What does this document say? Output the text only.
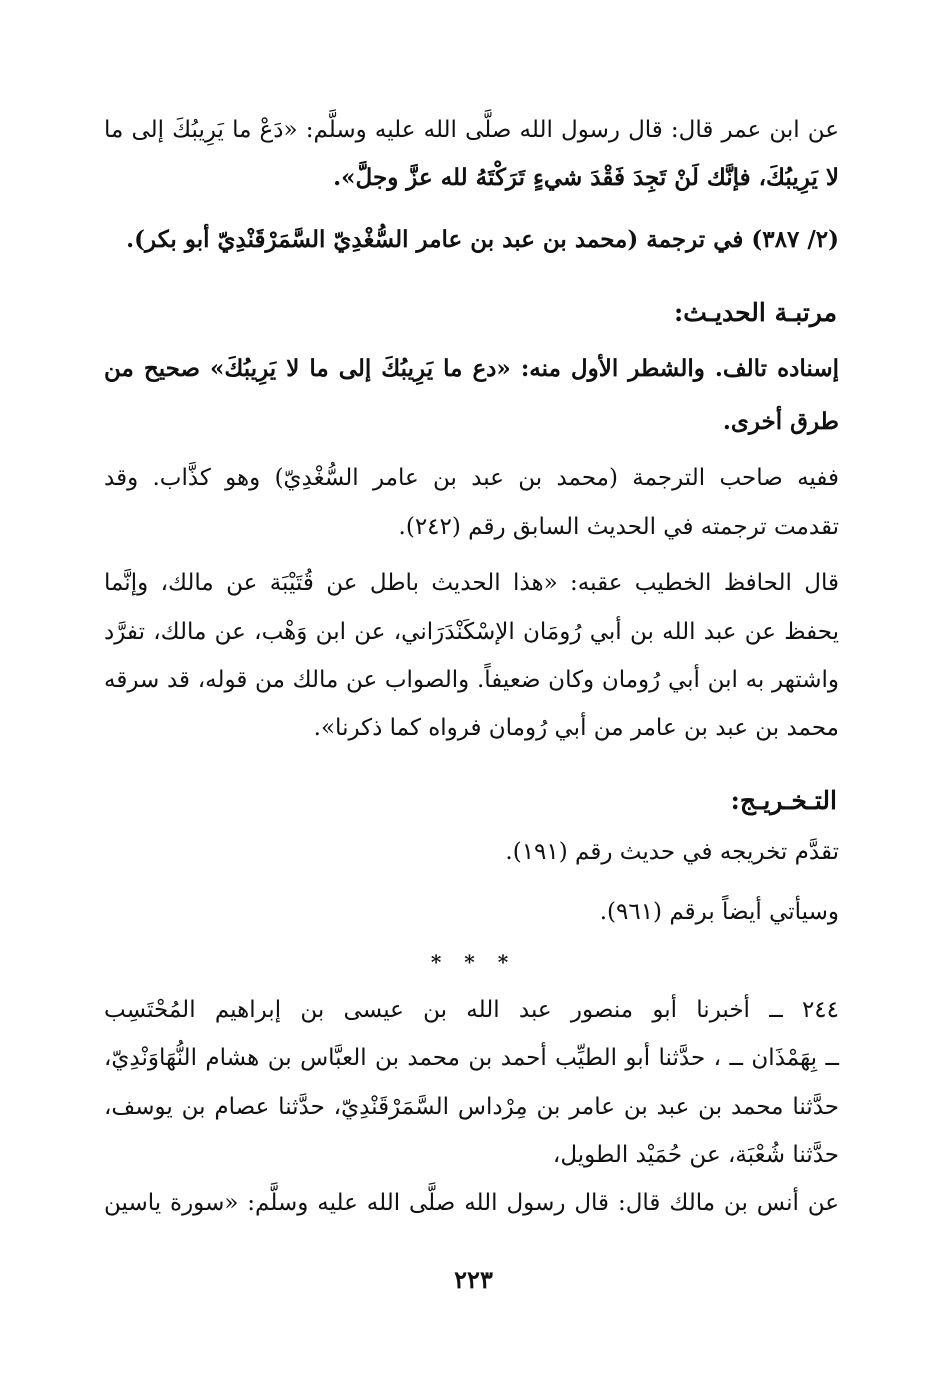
عن ابن عمر قال: قال رسول الله صلَّى الله عليه وسلَّم: «دَعْ ما يَرِيبُكَ إلى ما
لا يَرِيبُكَ، فإنَّك لَنْ تَجِدَ فَقْدَ شيءٍ تَرَكْتَهُ لله عزَّ وجلَّ».
(٢/ ٣٨٧) في ترجمة (محمد بن عبد بن عامر السُّغْدِيّ السَّمَرْقَنْدِيّ أبو بكر).
مرتبـة الحديـث:
إسناده تالف. والشطر الأول منه: «دع ما يَرِيبُكَ إلى ما لا يَرِيبُكَ» صحيح من
طرق أخرى.
ففيه صاحب الترجمة (محمد بن عبد بن عامر السُّغْدِيّ) وهو كذَّاب. وقد
تقدمت ترجمته في الحديث السابق رقم (٢٤٢).
قال الحافظ الخطيب عقبه: «هذا الحديث باطل عن قُتَيْبَة عن مالك، وإنَّما
يحفظ عن عبد الله بن أبي رُومَان الإسْكَنْدَرَاني، عن ابن وَهْب، عن مالك، تفرَّد
واشتهر به ابن أبي رُومان وكان ضعيفاً. والصواب عن مالك من قوله، قد سرقه
محمد بن عبد بن عامر من أبي رُومان فرواه كما ذكرنا».
التـخـريـج:
تقدَّم تخريجه في حديث رقم (١٩١).
وسيأتي أيضاً برقم (٩٦١).
* * *
٢٤٤ ــ أخبرنا أبو منصور عبد الله بن عيسى بن إبراهيم المُحْتَسِب
ــ بِهَمْذَان ــ ، حدَّثنا أبو الطيِّب أحمد بن محمد بن العبَّاس بن هشام النُّهَاوَنْدِيّ،
حدَّثنا محمد بن عبد بن عامر بن مِرْداس السَّمَرْقَنْدِيّ، حدَّثنا عصام بن يوسف،
حدَّثنا شُعْبَة، عن حُمَيْد الطويل،
عن أنس بن مالك قال: قال رسول الله صلَّى الله عليه وسلَّم: «سورة ياسين
٢٢٣
